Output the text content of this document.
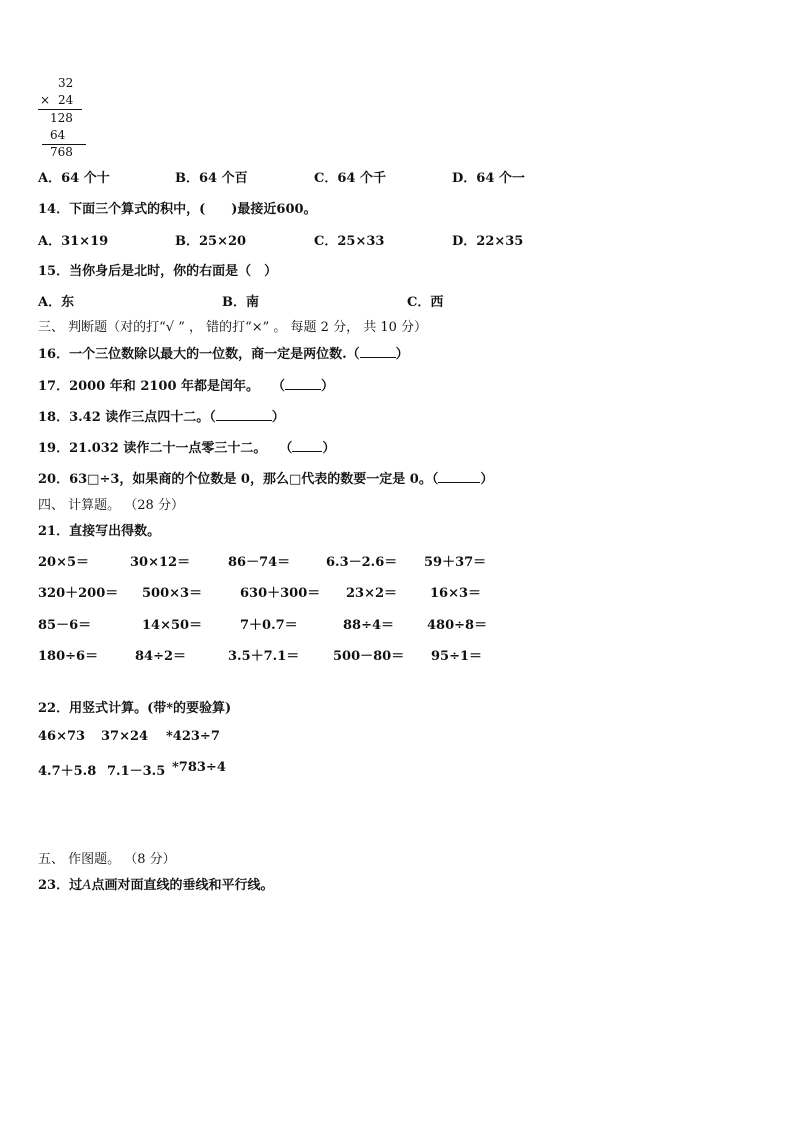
32
× 24
128
64
768
A．64 个十	B．64 个百	C．64 个千	D．64 个一
14．下面三个算式的积中，(　　)最接近600。
A．31×19	B．25×20	C．25×33	D．22×35
15．当你身后是北时，你的右面是（　）
A．东	B．南	C．西
三、 判断题（对的打“√ ” ， 错的打“×” 。 每题 2 分， 共 10 分）
16．一个三位数除以最大的一位数，商一定是两位数.（	）
17．2000 年和 2100 年都是闰年。　　（	）
18．3.42 读作三点四十二。（	）
19．21.032 读作二十一点零三十二。　　（ ）
20．63□÷3，如果商的个位数是 0，那么□代表的数要一定是 0。（	）
四、 计算题。 （28 分）
21．直接写出得数。
20×5＝	30×12＝	86－74＝	6.3－2.6＝ 59＋37＝
320＋200＝ 500×3＝	630＋300＝ 23×2＝	16×3＝
85－6＝	14×50＝	7＋0.7＝	88÷4＝	480÷8＝
180÷6＝	84÷2＝	3.5＋7.1＝	500－80＝ 95÷1＝
22．用竖式计算。(带*的要验算)
46×73 37×24 *423÷7
4.7＋5.8 7.1－3.5 *783÷4
五、 作图题。 （8 分）
23．过A点画对面直线的垂线和平行线。
